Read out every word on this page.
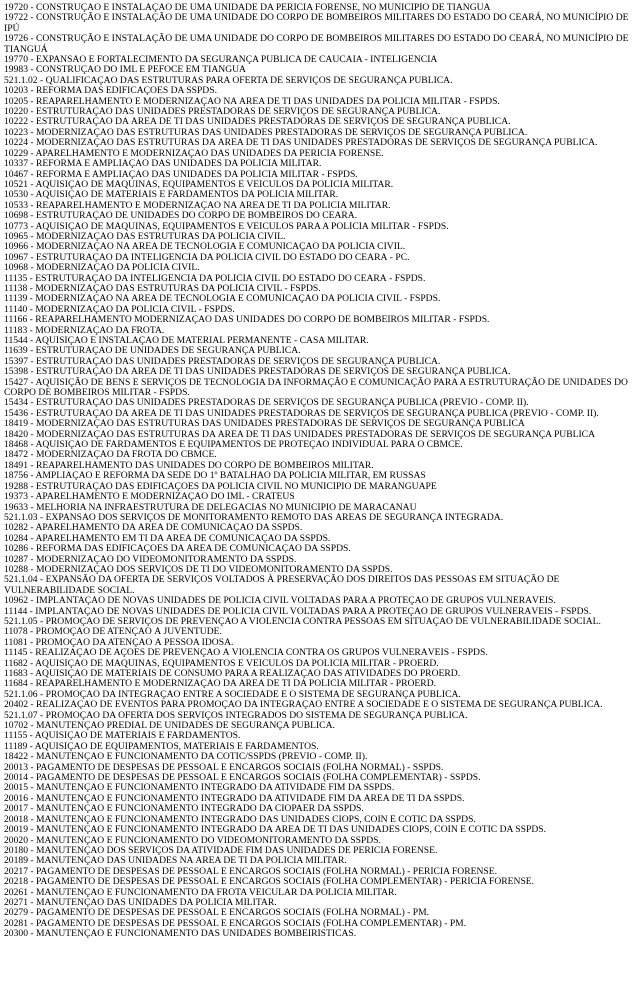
19720 - CONSTRUÇÃO E INSTALAÇÃO DE UMA UNIDADE DA PERÍCIA FORENSE, NO MUNICÍPIO DE TIANGUÁ
19722 - CONSTRUÇÃO E INSTALAÇÃO DE UMA UNIDADE DO CORPO DE BOMBEIROS MILITARES DO ESTADO DO CEARÁ, NO MUNICÍPIO DE IPÚ
19726 - CONSTRUÇÃO E INSTALAÇÃO DE UMA UNIDADE DO CORPO DE BOMBEIROS MILITARES DO ESTADO DO CEARÁ, NO MUNICÍPIO DE TIANGUÁ
19770 - EXPANSÃO E FORTALECIMENTO DA SEGURANÇA PÚBLICA DE CAUCAIA - INTELIGÊNCIA
19983 - CONSTRUÇÃO DO IML E PEFOCE EM TIANGUÁ
521.1.02 - QUALIFICAÇÃO DAS ESTRUTURAS PARA OFERTA DE SERVIÇOS DE SEGURANÇA PÚBLICA.
10203 - REFORMA DAS EDIFICAÇÕES DA SSPDS.
10205 - REAPARELHAMENTO E MODERNIZAÇÃO NA ÁREA DE TI DAS UNIDADES DA POLÍCIA MILITAR - FSPDS.
10220 - ESTRUTURAÇÃO DAS UNIDADES PRESTADORAS DE SERVIÇOS DE SEGURANÇA PÚBLICA.
10222 - ESTRUTURAÇÃO DA ÁREA DE TI DAS UNIDADES PRESTADORAS DE SERVIÇOS DE SEGURANÇA PÚBLICA.
10223 - MODERNIZAÇÃO DAS ESTRUTURAS DAS UNIDADES PRESTADORAS DE SERVIÇOS DE SEGURANÇA PÚBLICA.
10224 - MODERNIZAÇÃO DAS ESTRUTURAS DA ÁREA DE TI DAS UNIDADES PRESTADORAS DE SERVIÇOS DE SEGURANÇA PÚBLICA.
10229 - APARELHAMENTO E MODERNIZAÇÃO DAS UNIDADES DA PERÍCIA FORENSE.
10337 - REFORMA E AMPLIAÇÃO DAS UNIDADES DA POLÍCIA MILITAR.
10467 - REFORMA E AMPLIAÇÃO DAS UNIDADES DA POLÍCIA MILITAR - FSPDS.
10521 - AQUISIÇÃO DE MÁQUINAS, EQUIPAMENTOS E VEÍCULOS DA POLÍCIA MILITAR.
10530 - AQUISIÇÃO DE MATERIAIS E FARDAMENTOS DA POLÍCIA MILITAR.
10533 - REAPARELHAMENTO E MODERNIZAÇÃO NA ÁREA DE TI DA POLÍCIA MILITAR.
10698 - ESTRUTURAÇÃO DE UNIDADES DO CORPO DE BOMBEIROS DO CEARÁ.
10773 - AQUISIÇÃO DE MÁQUINAS, EQUIPAMENTOS E VEÍCULOS PARA A POLÍCIA MILITAR - FSPDS.
10965 - MODERNIZAÇÃO DAS ESTRUTURAS DA POLÍCIA CIVIL.
10966 - MODERNIZAÇÃO NA ÁREA DE TECNOLOGIA E COMUNICAÇÃO DA POLÍCIA CIVIL.
10967 - ESTRUTURAÇÃO DA INTELIGÊNCIA DA POLÍCIA CIVIL DO ESTADO DO CEARÁ - PC.
10968 - MODERNIZAÇÃO DA POLÍCIA CIVIL.
11135 - ESTRUTURAÇÃO DA INTELIGÊNCIA DA POLÍCIA CIVIL DO ESTADO DO CEARÁ - FSPDS.
11138 - MODERNIZAÇÃO DAS ESTRUTURAS DA POLÍCIA CIVIL - FSPDS.
11139 - MODERNIZAÇÃO NA ÁREA DE TECNOLOGIA E COMUNICAÇÃO DA POLÍCIA CIVIL - FSPDS.
11140 - MODERNIZAÇÃO DA POLÍCIA CIVIL - FSPDS.
11166 - REAPARELHAMENTO MODERNIZAÇÃO DAS UNIDADES DO CORPO DE BOMBEIROS MILITAR - FSPDS.
11183 - MODERNIZAÇÃO DA FROTA.
11544 - AQUISIÇÃO E INSTALAÇÃO DE MATERIAL PERMANENTE - CASA MILITAR.
11639 - ESTRUTURAÇÃO DE UNIDADES DE SEGURANÇA PÚBLICA.
15397 - ESTRUTURAÇÃO DAS UNIDADES PRESTADORAS DE SERVIÇOS DE SEGURANÇA PÚBLICA.
15398 - ESTRUTURAÇÃO DA ÁREA DE TI DAS UNIDADES PRESTADORAS DE SERVIÇOS DE SEGURANÇA PÚBLICA.
15427 - AQUISIÇÃO DE BENS E SERVIÇOS DE TECNOLOGIA DA INFORMAÇÃO E COMUNICAÇÃO PARA A ESTRUTURAÇÃO DE UNIDADES DO CORPO DE BOMBEIROS MILITAR - FSPDS.
15434 - ESTRUTURAÇÃO DAS UNIDADES PRESTADORAS DE SERVIÇOS DE SEGURANÇA PÚBLICA (PREVIO - COMP. II).
15436 - ESTRUTURAÇÃO DA ÁREA DE TI DAS UNIDADES PRESTADORAS DE SERVIÇOS DE SEGURANÇA PÚBLICA (PREVIO - COMP. II).
18419 - MODERNIZAÇÃO DAS ESTRUTURAS DAS UNIDADES PRESTADORAS DE SERVIÇOS DE SEGURANÇA PÚBLICA
18420 - MODERNIZAÇÃO DAS ESTRUTURAS DA ÁREA DE TI DAS UNIDADES PRESTADORAS DE SERVIÇOS DE SEGURANÇA PÚBLICA
18468 - AQUISIÇÃO DE FARDAMENTOS E EQUIPAMENTOS DE PROTEÇÃO INDIVIDUAL PARA O CBMCE.
18472 - MODERNIZAÇÃO DA FROTA DO CBMCE.
18491 - REAPARELHAMENTO DAS UNIDADES DO CORPO DE BOMBEIROS MILITAR.
18756 - AMPLIAÇÃO E REFORMA DA SEDE DO 1º BATALHÃO DA POLÍCIA MILITAR, EM RUSSAS
19288 - ESTRUTURAÇÃO DAS EDIFICAÇÕES DA POLÍCIA CIVIL NO MUNICÍPIO DE MARANGUAPE
19373 - APARELHAMENTO E MODERNIZAÇÃO DO IML - CRATEÚS
19633 - MELHORIA NA INFRAESTRUTURA DE DELEGACIAS NO MUNICÍPIO DE MARACANAÚ
521.1.03 - EXPANSÃO DOS SERVIÇOS DE MONITORAMENTO REMOTO DAS ÁREAS DE SEGURANÇA INTEGRADA.
10282 - APARELHAMENTO DA ÁREA DE COMUNICAÇÃO DA SSPDS.
10284 - APARELHAMENTO EM TI DA ÁREA DE COMUNICAÇÃO DA SSPDS.
10286 - REFORMA DAS EDIFICAÇÕES DA ÁREA DE COMUNICAÇÃO DA SSPDS.
10287 - MODERNIZAÇÃO DO VIDEOMONITORAMENTO DA SSPDS.
10288 - MODERNIZAÇÃO DOS SERVIÇOS DE TI DO VIDEOMONITORAMENTO DA SSPDS.
521.1.04 - EXPANSÃO DA OFERTA DE SERVIÇOS VOLTADOS À PRESERVAÇÃO DOS DIREITOS DAS PESSOAS EM SITUAÇÃO DE VULNERABILIDADE SOCIAL.
10962 - IMPLANTAÇÃO DE NOVAS UNIDADES DE POLÍCIA CIVIL VOLTADAS PARA A PROTEÇÃO DE GRUPOS VULNERÁVEIS.
11144 - IMPLANTAÇÃO DE NOVAS UNIDADES DE POLÍCIA CIVIL VOLTADAS PARA A PROTEÇÃO DE GRUPOS VULNERÁVEIS - FSPDS.
521.1.05 - PROMOÇÃO DE SERVIÇOS DE PREVENÇÃO A VIOLÊNCIA CONTRA PESSOAS EM SITUAÇÃO DE VULNERABILIDADE SOCIAL.
11078 - PROMOÇÃO DE ATENÇÃO À JUVENTUDE.
11081 - PROMOÇÃO DA ATENÇÃO À PESSOA IDOSA.
11145 - REALIZAÇÃO DE AÇÕES DE PREVENÇÃO À VIOLÊNCIA CONTRA OS GRUPOS VULNERÁVEIS - FSPDS.
11682 - AQUISIÇÃO DE MÁQUINAS, EQUIPAMENTOS E VEÍCULOS DA POLÍCIA MILITAR - PROERD.
11683 - AQUISIÇÃO DE MATERIAIS DE CONSUMO PARA A REALIZAÇÃO DAS ATIVIDADES DO PROERD.
11684 - REAPARELHAMENTO E MODERNIZAÇÃO DA ÁREA DE TI DA POLÍCIA MILITAR - PROERD.
521.1.06 - PROMOÇÃO DA INTEGRAÇÃO ENTRE A SOCIEDADE E O SISTEMA DE SEGURANÇA PÚBLICA.
20402 - REALIZAÇÃO DE EVENTOS PARA PROMOÇÃO DA INTEGRAÇÃO ENTRE A SOCIEDADE E O SISTEMA DE SEGURANÇA PÚBLICA.
521.1.07 - PROMOÇÃO DA OFERTA DOS SERVIÇOS INTEGRADOS DO SISTEMA DE SEGURANÇA PÚBLICA.
10702 - MANUTENÇÃO PREDIAL DE UNIDADES DE SEGURANÇA PÚBLICA.
11155 - AQUISIÇÃO DE MATERIAIS E FARDAMENTOS.
11189 - AQUISIÇÃO DE EQUIPAMENTOS, MATERIAIS E FARDAMENTOS.
18422 - MANUTENÇÃO E FUNCIONAMENTO DA COTIC/SSPDS (PREVIO - COMP. II).
20013 - PAGAMENTO DE DESPESAS DE PESSOAL E ENCARGOS SOCIAIS (FOLHA NORMAL) - SSPDS.
20014 - PAGAMENTO DE DESPESAS DE PESSOAL E ENCARGOS SOCIAIS (FOLHA COMPLEMENTAR) - SSPDS.
20015 - MANUTENÇÃO E FUNCIONAMENTO INTEGRADO DA ATIVIDADE FIM DA SSPDS.
20016 - MANUTENÇÃO E FUNCIONAMENTO INTEGRADO DA ATIVIDADE FIM DA ÁREA DE TI DA SSPDS.
20017 - MANUTENÇÃO E FUNCIONAMENTO INTEGRADO DA CIOPAER DA SSPDS.
20018 - MANUTENÇÃO E FUNCIONAMENTO INTEGRADO DAS UNIDADES CIOPS, COIN E COTIC DA SSPDS.
20019 - MANUTENÇÃO E FUNCIONAMENTO INTEGRADO DA ÁREA DE TI DAS UNIDADES CIOPS, COIN E COTIC DA SSPDS.
20020 - MANUTENÇÃO E FUNCIONAMENTO DO VIDEOMONITORAMENTO DA SSPDS.
20180 - MANUTENÇÃO DOS SERVIÇOS DA ATIVIDADE FIM DAS UNIDADES DE PERÍCIA FORENSE.
20189 - MANUTENÇÃO DAS UNIDADES NA ÁREA DE TI DA POLÍCIA MILITAR.
20217 - PAGAMENTO DE DESPESAS DE PESSOAL E ENCARGOS SOCIAIS (FOLHA NORMAL) - PERÍCIA FORENSE.
20218 - PAGAMENTO DE DESPESAS DE PESSOAL E ENCARGOS SOCIAIS (FOLHA COMPLEMENTAR) - PERÍCIA FORENSE.
20261 - MANUTENÇÃO E FUNCIONAMENTO DA FROTA VEICULAR DA POLÍCIA MILITAR.
20271 - MANUTENÇÃO DAS UNIDADES DA POLÍCIA MILITAR.
20279 - PAGAMENTO DE DESPESAS DE PESSOAL E ENCARGOS SOCIAIS (FOLHA NORMAL) - PM.
20281 - PAGAMENTO DE DESPESAS DE PESSOAL E ENCARGOS SOCIAIS (FOLHA COMPLEMENTAR) - PM.
20300 - MANUTENÇÃO E FUNCIONAMENTO DAS UNIDADES BOMBEIRÍSTICAS.
